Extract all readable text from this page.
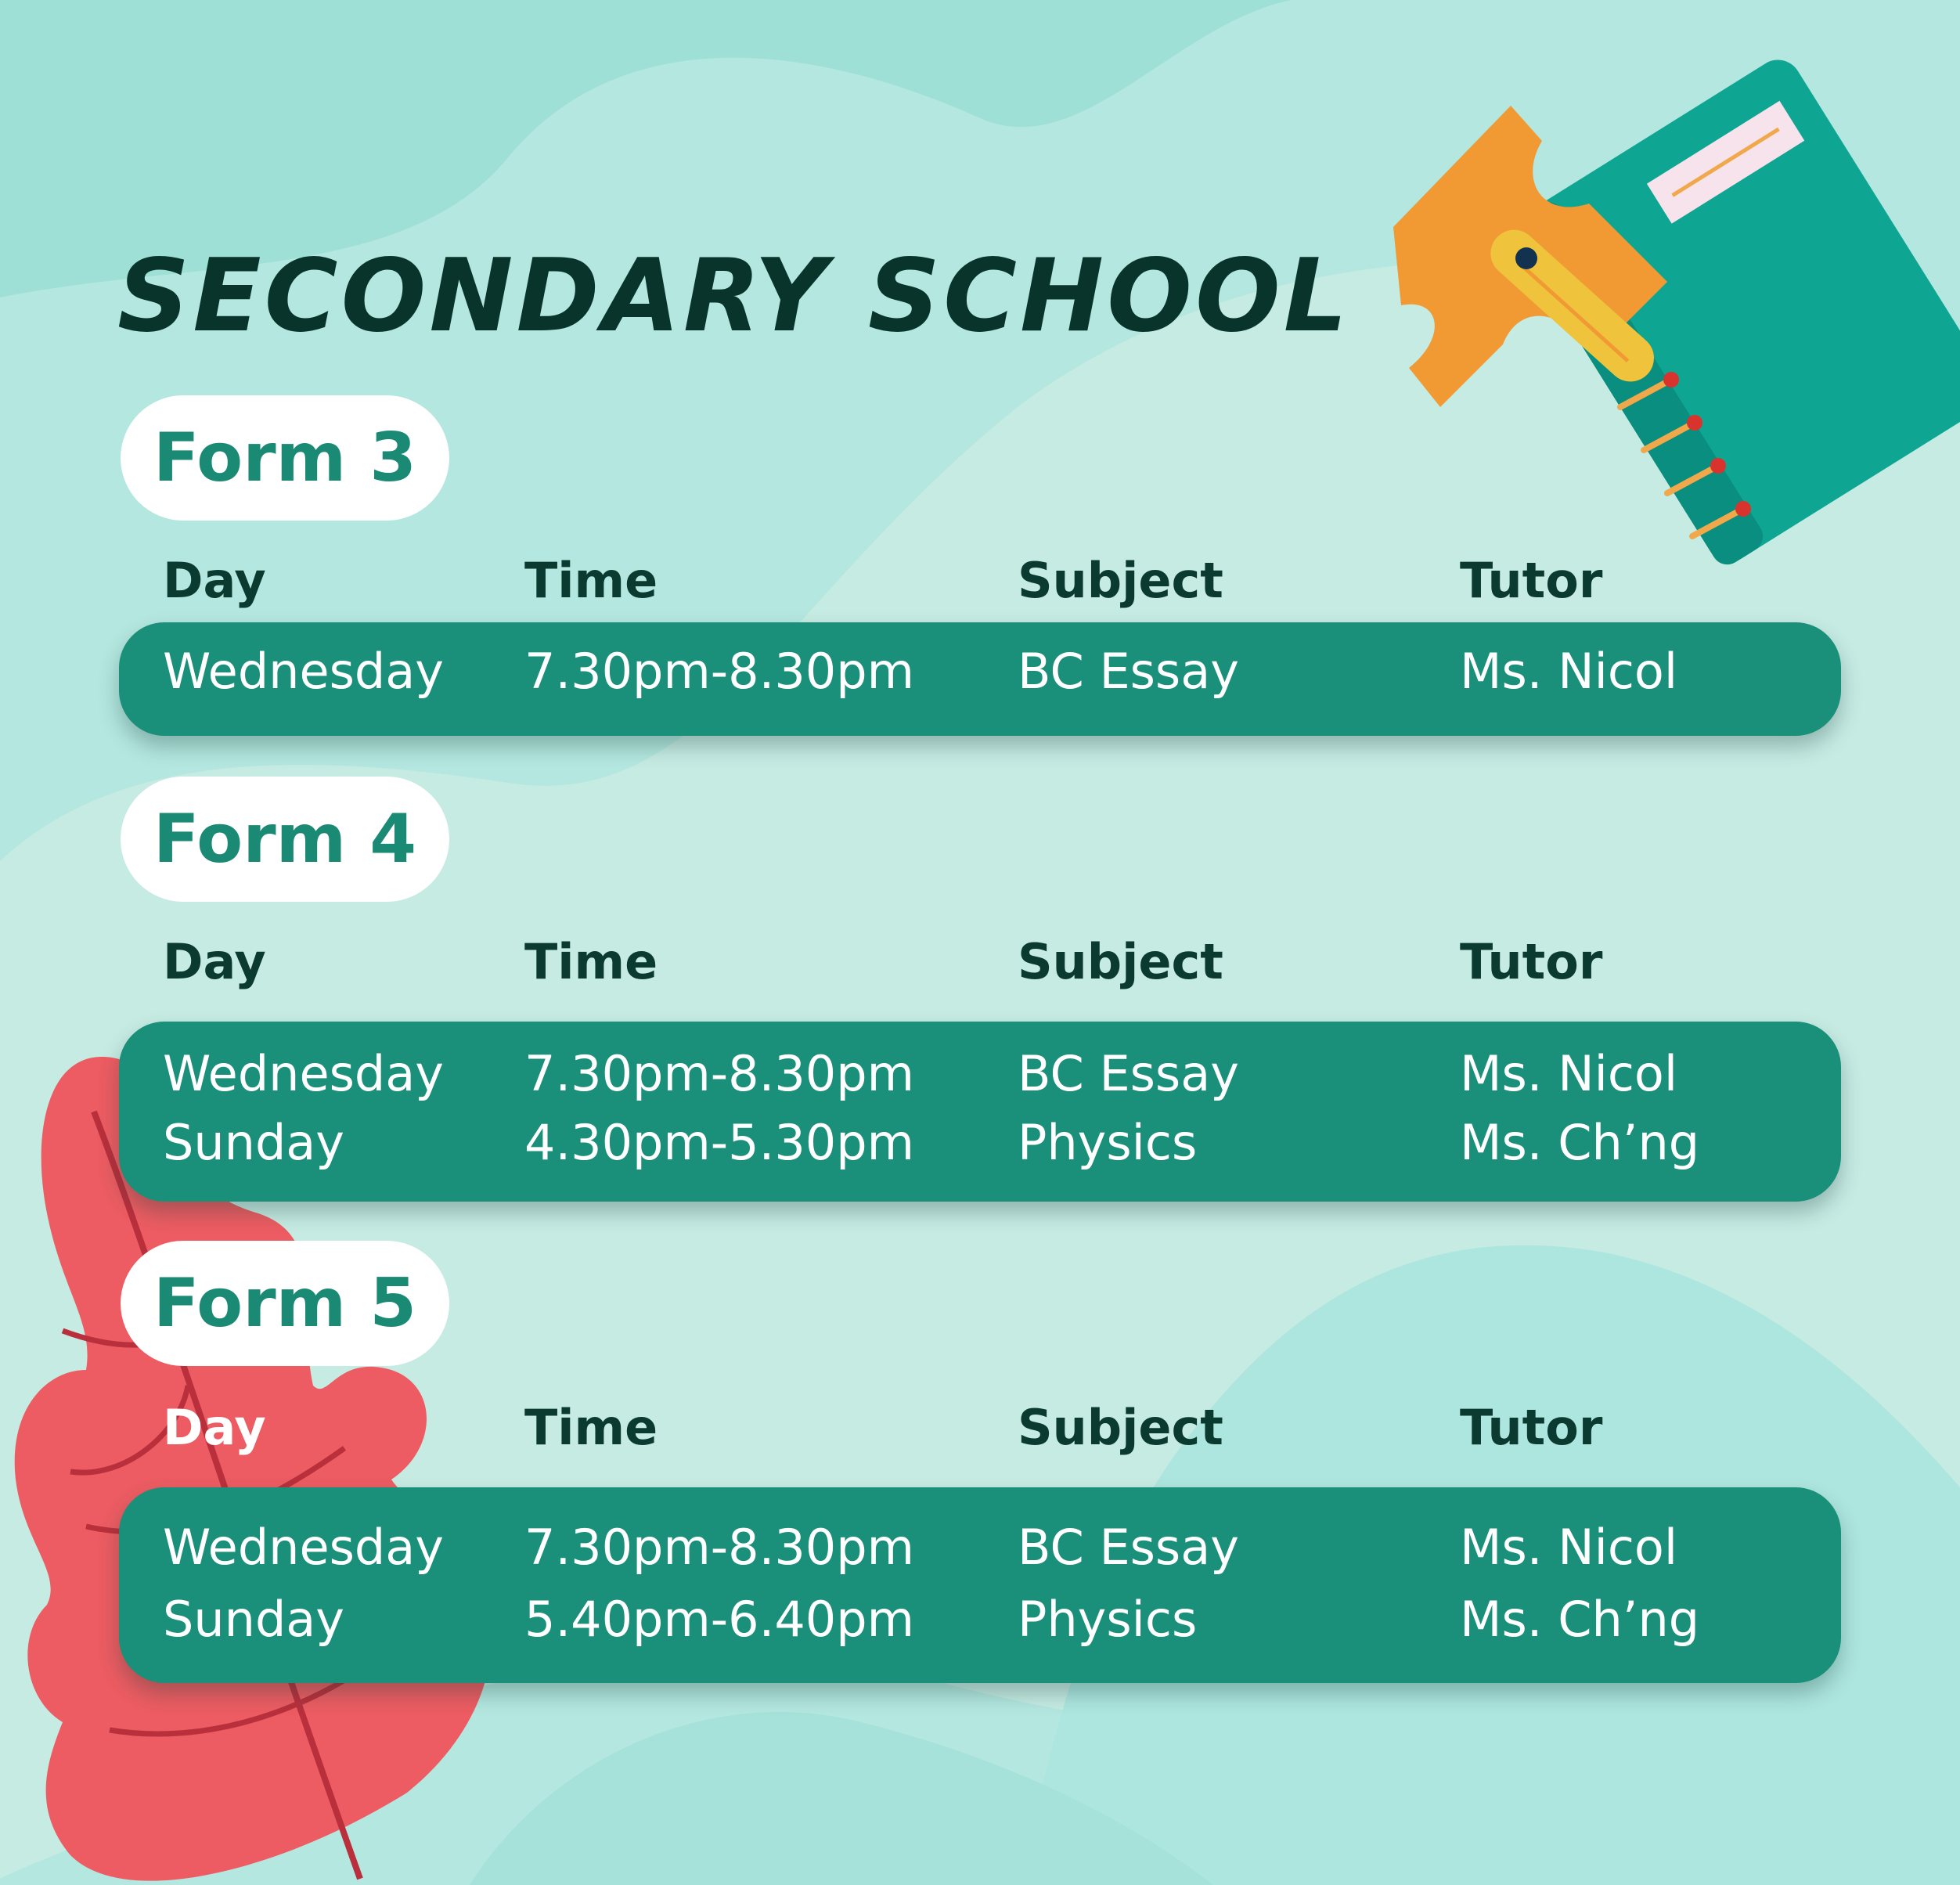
SECONDARY SCHOOL
Form 3
Day	Time	Subject	Tutor
Wednesday 7.30pm-8.30pm BC Essay	Ms. Nicol
Form 4
Day	Time	Subject	Tutor
Wednesday 7.30pm-8.30pm BC Essay	Ms. Nicol
Sunday	4.30pm-5.30pm Physics	Ms. Ch’ng
Form 5
Day	Time	Subject	Tutor
Wednesday 7.30pm-8.30pm BC Essay	Ms. Nicol
Sunday	5.40pm-6.40pm Physics	Ms. Ch’ng
